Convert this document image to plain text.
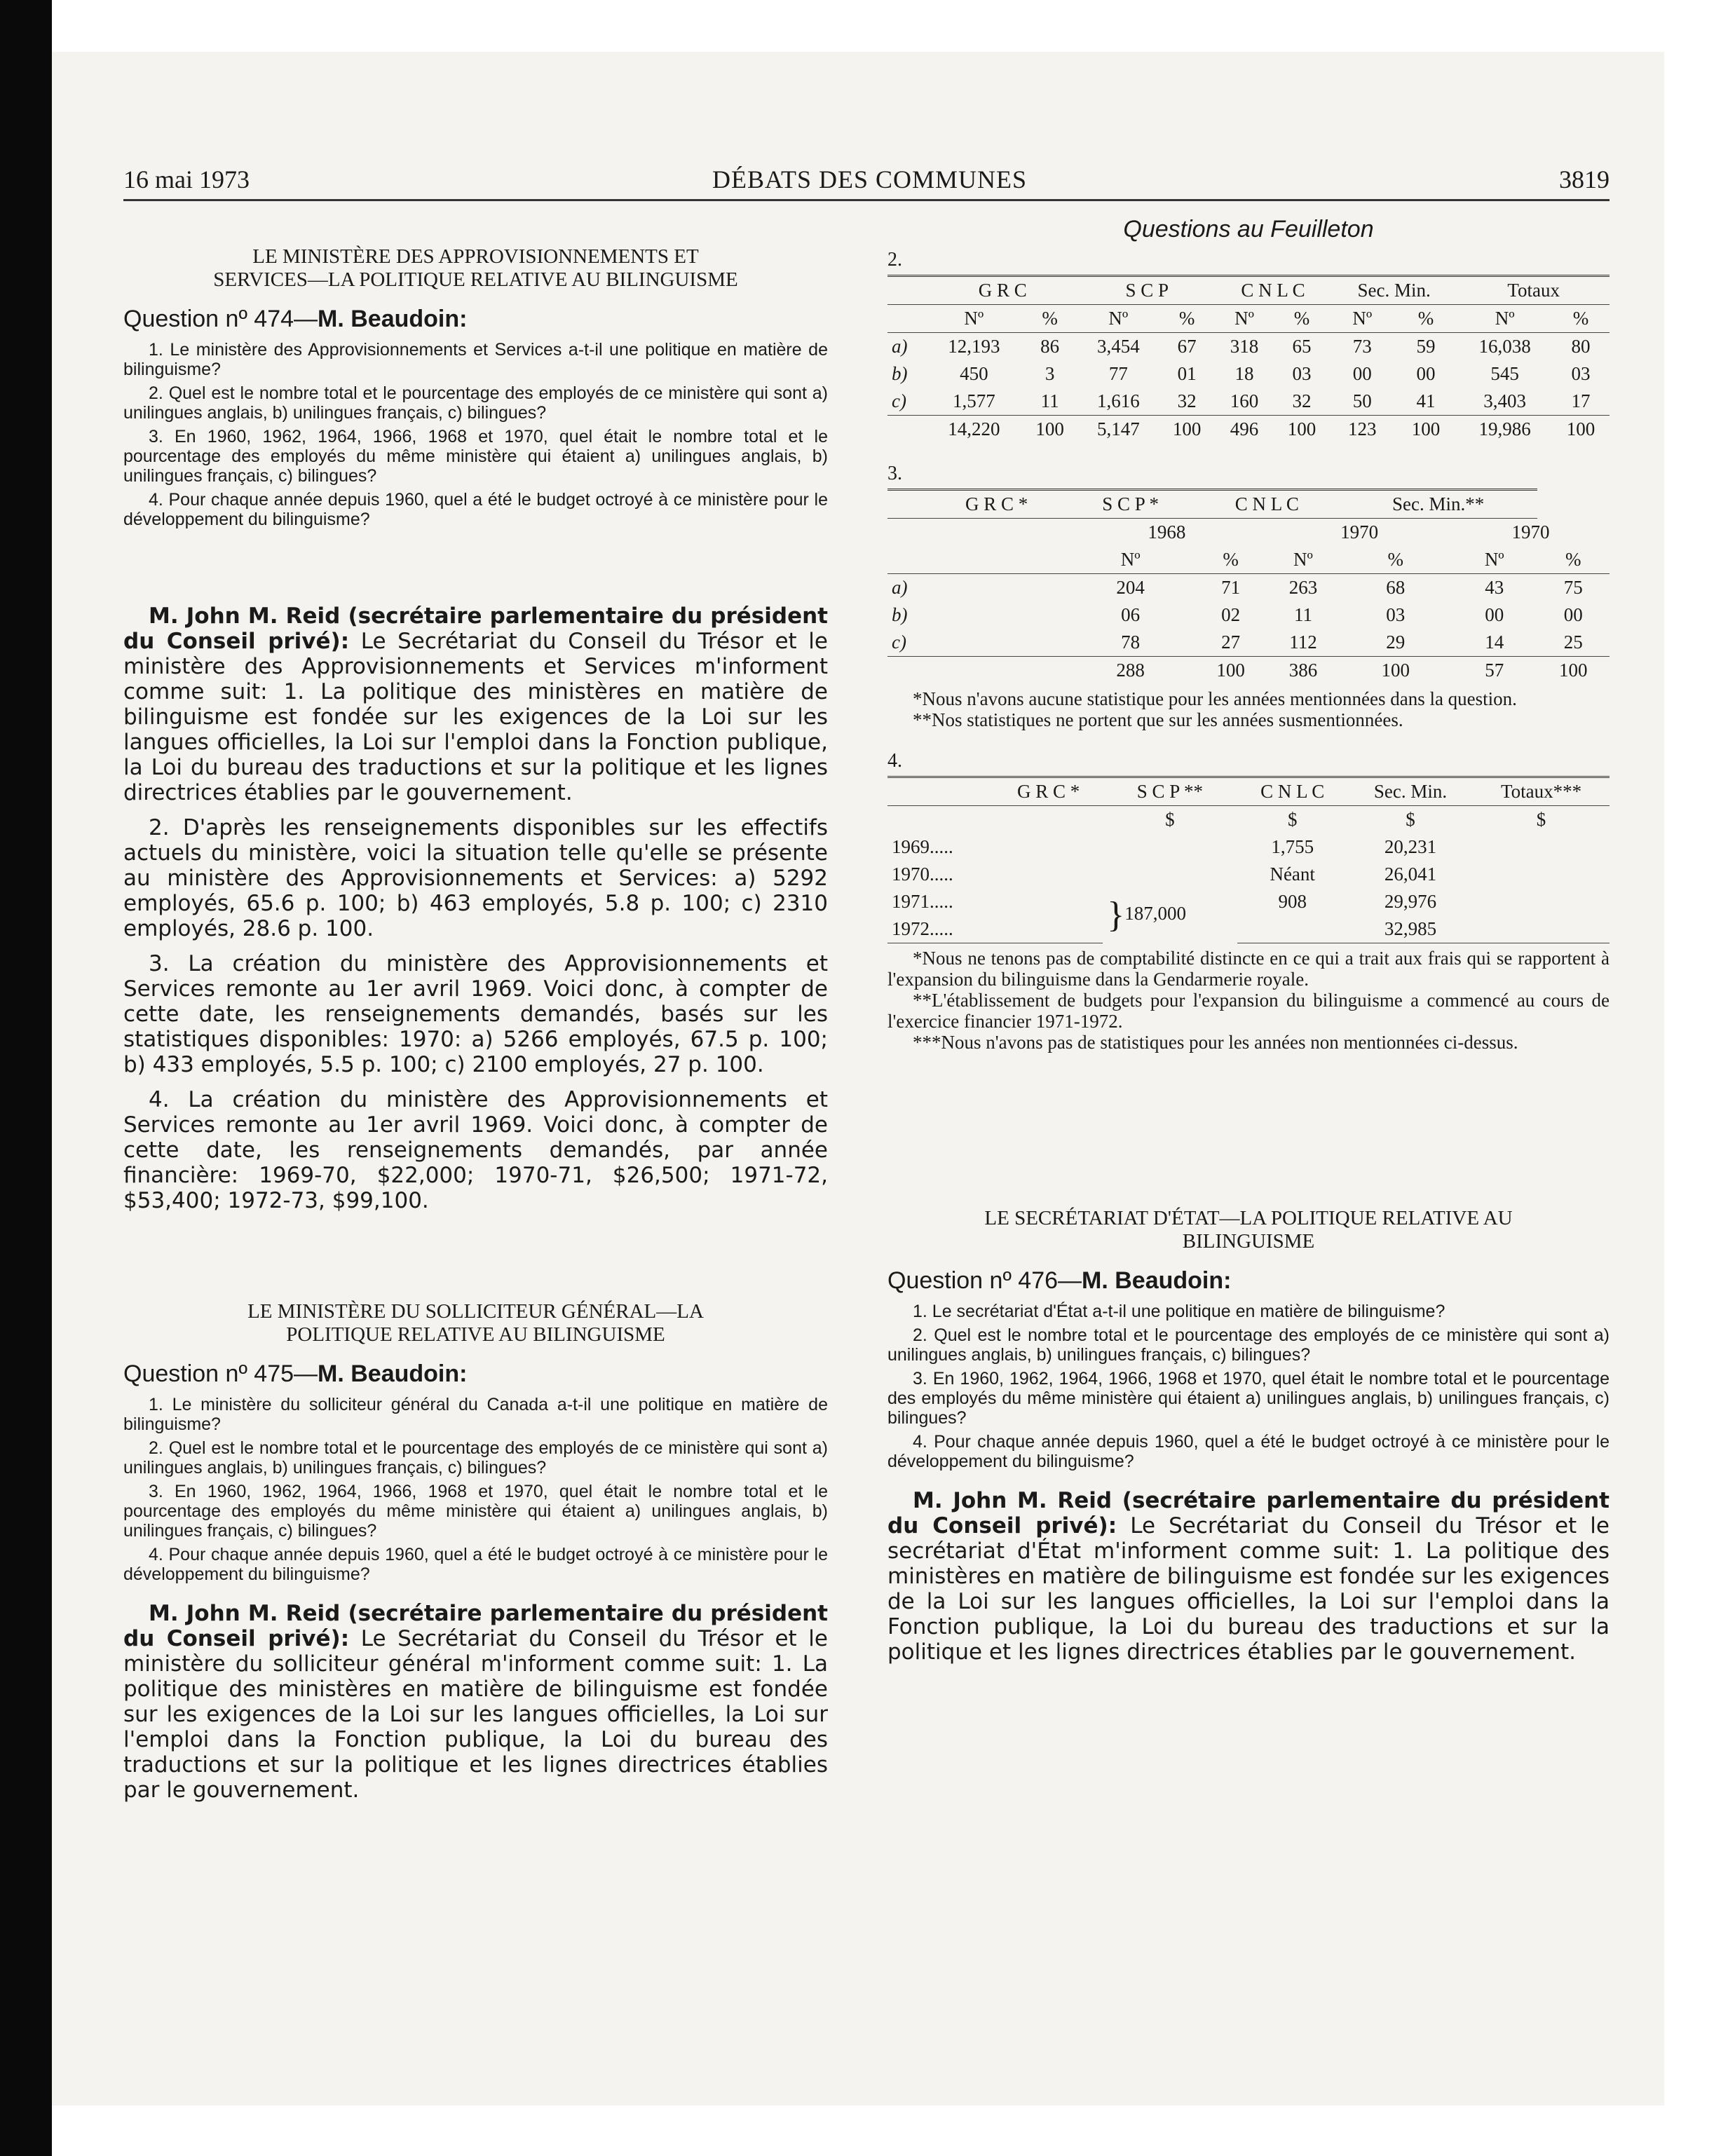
16 mai 1973	DÉBATS DES COMMUNES	3819

LE MINISTÈRE DES APPROVISIONNEMENTS ET
SERVICES—LA POLITIQUE RELATIVE AU BILINGUISME

Question nº 474—M. Beaudoin:

1. Le ministère des Approvisionnements et Services a-t-il une politique en matière de bilinguisme?

2. Quel est le nombre total et le pourcentage des employés de ce ministère qui sont a) unilingues anglais, b) unilingues français, c) bilingues?

3. En 1960, 1962, 1964, 1966, 1968 et 1970, quel était le nombre total et le pourcentage des employés du même ministère qui étaient a) unilingues anglais, b) unilingues français, c) bilingues?

4. Pour chaque année depuis 1960, quel a été le budget octroyé à ce ministère pour le développement du bilinguisme?

M. John M. Reid (secrétaire parlementaire du président du Conseil privé): Le Secrétariat du Conseil du Trésor et le ministère des Approvisionnements et Services m'informent comme suit: 1. La politique des ministères en matière de bilinguisme est fondée sur les exigences de la Loi sur les langues officielles, la Loi sur l'emploi dans la Fonction publique, la Loi du bureau des traductions et sur la politique et les lignes directrices établies par le gouvernement.

2. D'après les renseignements disponibles sur les effectifs actuels du ministère, voici la situation telle qu'elle se présente au ministère des Approvisionnements et Services: a) 5292 employés, 65.6 p. 100; b) 463 employés, 5.8 p. 100; c) 2310 employés, 28.6 p. 100.

3. La création du ministère des Approvisionnements et Services remonte au 1er avril 1969. Voici donc, à compter de cette date, les renseignements demandés, basés sur les statistiques disponibles: 1970: a) 5266 employés, 67.5 p. 100; b) 433 employés, 5.5 p. 100; c) 2100 employés, 27 p. 100.

4. La création du ministère des Approvisionnements et Services remonte au 1er avril 1969. Voici donc, à compter de cette date, les renseignements demandés, par année financière: 1969-70, $22,000; 1970-71, $26,500; 1971-72, $53,400; 1972-73, $99,100.

LE MINISTÈRE DU SOLLICITEUR GÉNÉRAL—LA
POLITIQUE RELATIVE AU BILINGUISME

Question nº 475—M. Beaudoin:

1. Le ministère du solliciteur général du Canada a-t-il une politique en matière de bilinguisme?

2. Quel est le nombre total et le pourcentage des employés de ce ministère qui sont a) unilingues anglais, b) unilingues français, c) bilingues?

3. En 1960, 1962, 1964, 1966, 1968 et 1970, quel était le nombre total et le pourcentage des employés du même ministère qui étaient a) unilingues anglais, b) unilingues français, c) bilingues?

4. Pour chaque année depuis 1960, quel a été le budget octroyé à ce ministère pour le développement du bilinguisme?

M. John M. Reid (secrétaire parlementaire du président du Conseil privé): Le Secrétariat du Conseil du Trésor et le ministère du solliciteur général m'informent comme suit: 1. La politique des ministères en matière de bilinguisme est fondée sur les exigences de la Loi sur les langues officielles, la Loi sur l'emploi dans la Fonction publique, la Loi du bureau des traductions et sur la politique et les lignes directrices établies par le gouvernement.

Questions au Feuilleton

2.
	G R C		S C P		C N L C		Sec. Min.		Totaux	
	Nº	%	Nº	%	Nº	%	Nº	%	Nº	%
a)	12,193	86	3,454	67	318	65	73	59	16,038	80
b)	450	3	77	01	18	03	00	00	545	03
c)	1,577	11	1,616	32	160	32	50	41	3,403	17
	14,220	100	5,147	100	496	100	123	100	19,986	100
3.
	G R C *	S C P *	C N L C		Sec. Min.**		
		1968		1970		1970	
		Nº	%	Nº	%	Nº	%
a)		204	71	263	68	43	75
b)		06	02	11	03	00	00
c)		78	27	112	29	14	25
		288	100	386	100	57	100

*Nous n'avons aucune statistique pour les années mentionnées dans la question.

**Nos statistiques ne portent que sur les années susmentionnées.

4.
	G R C *	S C P **	C N L C	Sec. Min.	Totaux***
		$	$	$	$
1969.....			1,755	20,231	
1970.....			Néant	26,041	
1971.....		}187,000	908	29,976	
1972.....				32,985	

*Nous ne tenons pas de comptabilité distincte en ce qui a trait aux frais qui se rapportent à l'expansion du bilinguisme dans la Gendarmerie royale.

**L'établissement de budgets pour l'expansion du bilinguisme a commencé au cours de l'exercice financier 1971-1972.

***Nous n'avons pas de statistiques pour les années non mentionnées ci-dessus.

LE SECRÉTARIAT D'ÉTAT—LA POLITIQUE RELATIVE AU
BILINGUISME

Question nº 476—M. Beaudoin:

1. Le secrétariat d'État a-t-il une politique en matière de bilinguisme?

2. Quel est le nombre total et le pourcentage des employés de ce ministère qui sont a) unilingues anglais, b) unilingues français, c) bilingues?

3. En 1960, 1962, 1964, 1966, 1968 et 1970, quel était le nombre total et le pourcentage des employés du même ministère qui étaient a) unilingues anglais, b) unilingues français, c) bilingues?

4. Pour chaque année depuis 1960, quel a été le budget octroyé à ce ministère pour le développement du bilinguisme?

M. John M. Reid (secrétaire parlementaire du président du Conseil privé): Le Secrétariat du Conseil du Trésor et le secrétariat d'État m'informent comme suit: 1. La politique des ministères en matière de bilinguisme est fondée sur les exigences de la Loi sur les langues officielles, la Loi sur l'emploi dans la Fonction publique, la Loi du bureau des traductions et sur la politique et les lignes directrices établies par le gouvernement.
